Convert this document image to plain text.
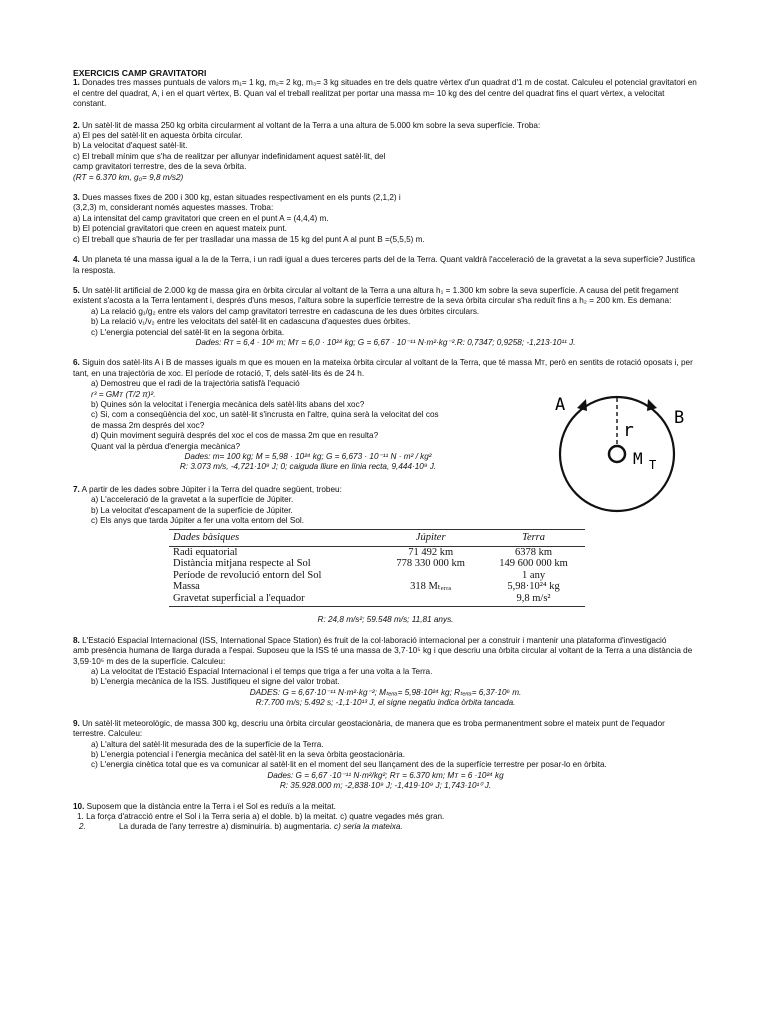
EXERCICIS CAMP GRAVITATORI
1. Donades tres masses puntuals de valors m₁= 1 kg, m₂= 2 kg, m₃= 3 kg situades en tre dels quatre vèrtex d'un quadrat d'1 m de costat. Calculeu el potencial gravitatori en el centre del quadrat, A, i en el quart vèrtex, B. Quan val el treball realitzat per portar una massa m= 10 kg des del centre del quadrat fins el quart vèrtex, a velocitat constant.
2. Un satèl·lit de massa 250 kg orbita circularment al voltant de la Terra a una altura de 5.000 km sobre la seva superfície. Troba:
a) El pes del satèl·lit en aquesta òrbita circular.
b) La velocitat d'aquest satèl·lit.
c) El treball mínim que s'ha de realitzar per allunyar indefinidament aquest satèl·lit, del
camp gravitatori terrestre, des de la seva òrbita.
(RT = 6.370 km, g₀= 9,8 m/s2)
3. Dues masses fixes de 200 i 300 kg, estan situades respectivament en els punts (2,1,2) i
(3,2,3) m, considerant només aquestes masses. Troba:
a) La intensitat del camp gravitatori que creen en el punt A = (4,4,4) m.
b) El potencial gravitatori que creen en aquest mateix punt.
c) El treball que s'hauria de fer per traslladar una massa de 15 kg del punt A al punt B =(5,5,5) m.
4. Un planeta té una massa igual a la de la Terra, i un radi igual a dues terceres parts del de la Terra. Quant valdrà l'acceleració de la gravetat a la seva superfície? Justifica la resposta.
5. Un satèl·lit artificial de 2.000 kg de massa gira en òrbita circular al voltant de la Terra a una altura h₁ = 1.300 km sobre la seva superfície. A causa del petit fregament existent s'acosta a la Terra lentament i, després d'uns mesos, l'altura sobre la superfície terrestre de la seva òrbita circular s'ha reduït fins a h₂ = 200 km. Es demana:
a) La relació g₁/g₂ entre els valors del camp gravitatori terrestre en cadascuna de les dues òrbites circulars.
b) La relació v₁/v₂ entre les velocitats del satèl·lit en cadascuna d'aquestes dues òrbites.
c) L'energia potencial del satèl·lit en la segona òrbita.
Dades: Rᴛ = 6,4 · 10⁶ m; Mᴛ = 6,0 · 10²⁴ kg; G = 6,67 · 10⁻¹¹ N·m²·kg⁻².R: 0,7347; 0,9258; -1,213·10¹¹ J.
6. Siguin dos satèl·lits A i B de masses iguals m que es mouen en la mateixa òrbita circular al voltant de la Terra, que té massa Mᴛ, però en sentits de rotació oposats i, per tant, en una trajectòria de xoc. El període de rotació, T, dels satèl·lits és de 24 h.
a) Demostreu que el radi de la trajectòria satisfà l'equació
r³ = GMᴛ (T/2 π)².
b) Quines són la velocitat i l'energia mecànica dels satèl·lits abans del xoc?
c) Si, com a conseqüència del xoc, un satèl·lit s'incrusta en l'altre, quina serà la velocitat del cos
de massa 2m després del xoc?
d) Quin moviment seguirà després del xoc el cos de massa 2m que en resulta?
Quant val la pèrdua d'energia mecànica?
Dades: m= 100 kg; M = 5,98 · 10²⁴ kg; G = 6,673 · 10⁻¹¹ N · m² / kg²
R: 3.073 m/s, -4,721·10⁹ J; 0; caiguda lliure en línia recta, 9,444·10⁹ J.
A
B
r
M T
7. A partir de les dades sobre Júpiter i la Terra del quadre següent, trobeu:
a) L'acceleració de la gravetat a la superfície de Júpiter.
b) La velocitat d'escapament de la superfície de Júpiter.
c) Els anys que tarda Júpiter a fer una volta entorn del Sol.
Dades bàsiques	Júpiter	Terra
Radi equatorial	71 492 km	6378 km
Distància mitjana respecte al Sol	778 330 000 km	149 600 000 km
Període de revolució entorn del Sol		1 any
Massa	318 Mₜₑᵣᵣₐ	5,98·10²⁴ kg
Gravetat superficial a l'equador		9,8 m/s²
R: 24,8 m/s²; 59.548 m/s; 11,81 anys.
8. L'Estació Espacial Internacional (ISS, International Space Station) és fruit de la col·laboració internacional per a construir i mantenir una plataforma d'investigació
amb presència humana de llarga durada a l'espai. Suposeu que la ISS té una massa de 3,7·10⁵ kg i que descriu una òrbita circular al voltant de la Terra a una distància de 3,59·10⁵ m des de la superfície. Calculeu:
a) La velocitat de l'Estació Espacial Internacional i el temps que triga a fer una volta a la Terra.
b) L'energia mecànica de la ISS. Justifiqueu el signe del valor trobat.
DADES: G = 6,67·10⁻¹¹ N·m²·kg⁻²; Mₜₑᵣᵣₐ= 5,98·10²⁴ kg; Rₜₑᵣᵣₐ= 6,37·10⁶ m.
R:7.700 m/s; 5.492 s; -1,1·10¹³ J, el signe negatiu indica òrbita tancada.
9. Un satèl·lit meteorològic, de massa 300 kg, descriu una òrbita circular geostacionària, de manera que es troba permanentment sobre el mateix punt de l'equador terrestre. Calculeu:
a) L'altura del satèl·lit mesurada des de la superfície de la Terra.
b) L'energia potencial i l'energia mecànica del satèl·lit en la seva òrbita geostacionària.
c) L'energia cinètica total que es va comunicar al satèl·lit en el moment del seu llançament des de la superfície terrestre per posar-lo en òrbita.
Dades: G = 6,67 ·10⁻¹¹ N·m²/kg²; Rᴛ = 6.370 km; Mᴛ = 6 ·10²⁴ kg
R: 35.928.000 m; -2,838·10⁹ J; -1,419·10⁹ J; 1,743·10¹⁰ J.
10. Suposem que la distància entre la Terra i el Sol es reduïs a la meitat.
1. La força d'atracció entre el Sol i la Terra seria a) el doble. b) la meitat. c) quatre vegades més gran.
2.	La durada de l'any terrestre a) disminuiria. b) augmentaria. c) seria la mateixa.
